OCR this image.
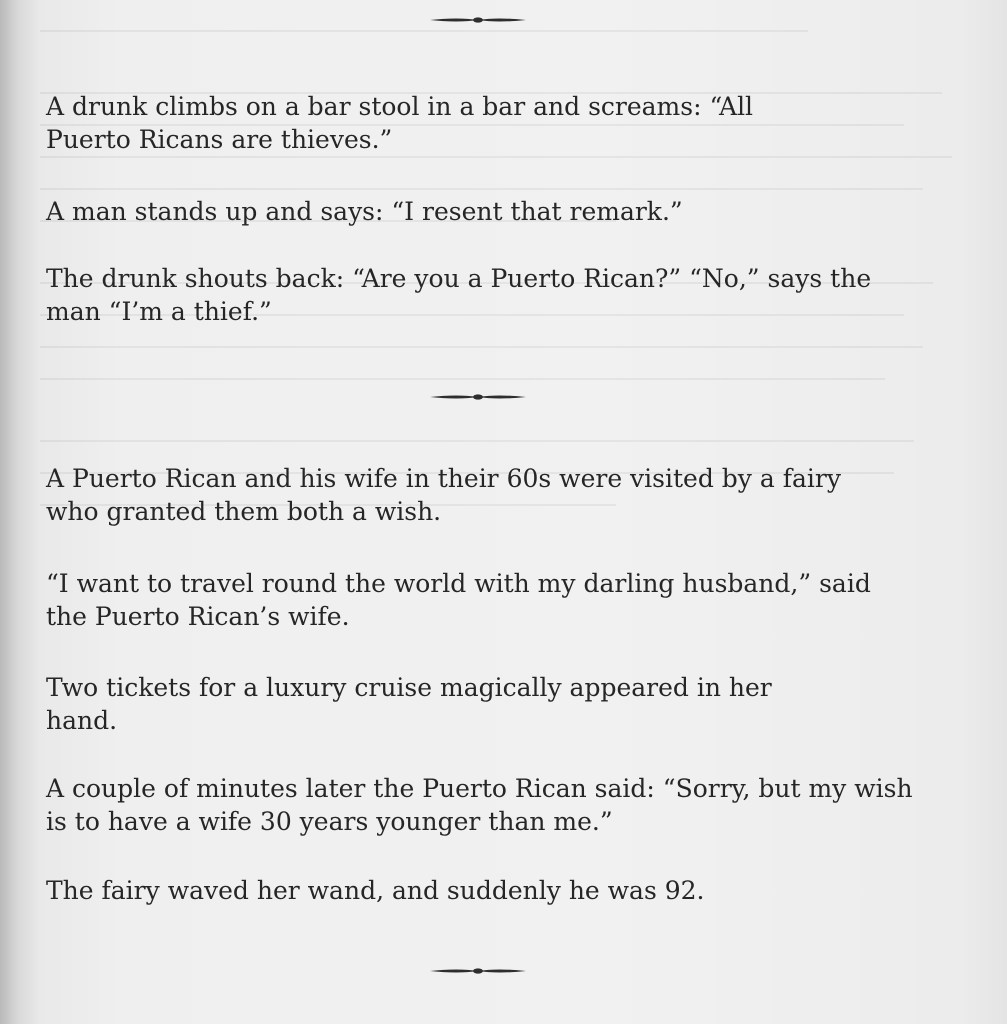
A drunk climbs on a bar stool in a bar and screams: “All Puerto Ricans are thieves.”

A man stands up and says: “I resent that remark.”

The drunk shouts back: “Are you a Puerto Rican?” “No,” says the man “I’m a thief.”

A Puerto Rican and his wife in their 60s were visited by a fairy who granted them both a wish.

“I want to travel round the world with my darling husband,” said the Puerto Rican’s wife.

Two tickets for a luxury cruise magically appeared in her hand.

A couple of minutes later the Puerto Rican said: “Sorry, but my wish is to have a wife 30 years younger than me.”

The fairy waved her wand, and suddenly he was 92.
